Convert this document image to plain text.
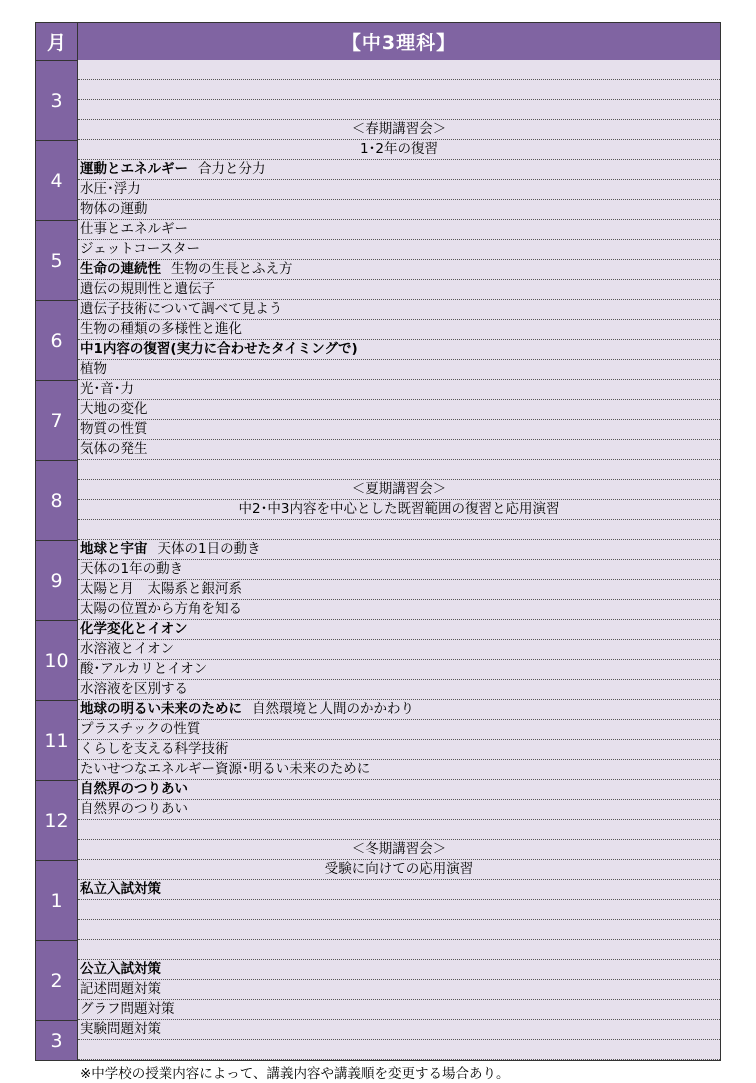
月	【中3理科】
3
4
5
6
7
8
9
10
11
12
1
2
3
＜春期講習会＞
1･2年の復習
運動とエネルギー 合力と分力
水圧･浮力
物体の運動
仕事とエネルギー
ジェットコースター
生命の連続性 生物の生長とふえ方
遺伝の規則性と遺伝子
遺伝子技術について調べて見よう
生物の種類の多様性と進化
中1内容の復習(実力に合わせたタイミングで)
植物
光･音･力
大地の変化
物質の性質
気体の発生
＜夏期講習会＞
中2･中3内容を中心とした既習範囲の復習と応用演習
地球と宇宙 天体の1日の動き
天体の1年の動き
太陽と月　太陽系と銀河系
太陽の位置から方角を知る
化学変化とイオン
水溶液とイオン
酸･アルカリとイオン
水溶液を区別する
地球の明るい未来のために 自然環境と人間のかかわり
プラスチックの性質
くらしを支える科学技術
たいせつなエネルギー資源･明るい未来のために
自然界のつりあい
自然界のつりあい
＜冬期講習会＞
受験に向けての応用演習
私立入試対策
公立入試対策
記述問題対策
グラフ問題対策
実験問題対策
※中学校の授業内容によって、講義内容や講義順を変更する場合あり。
